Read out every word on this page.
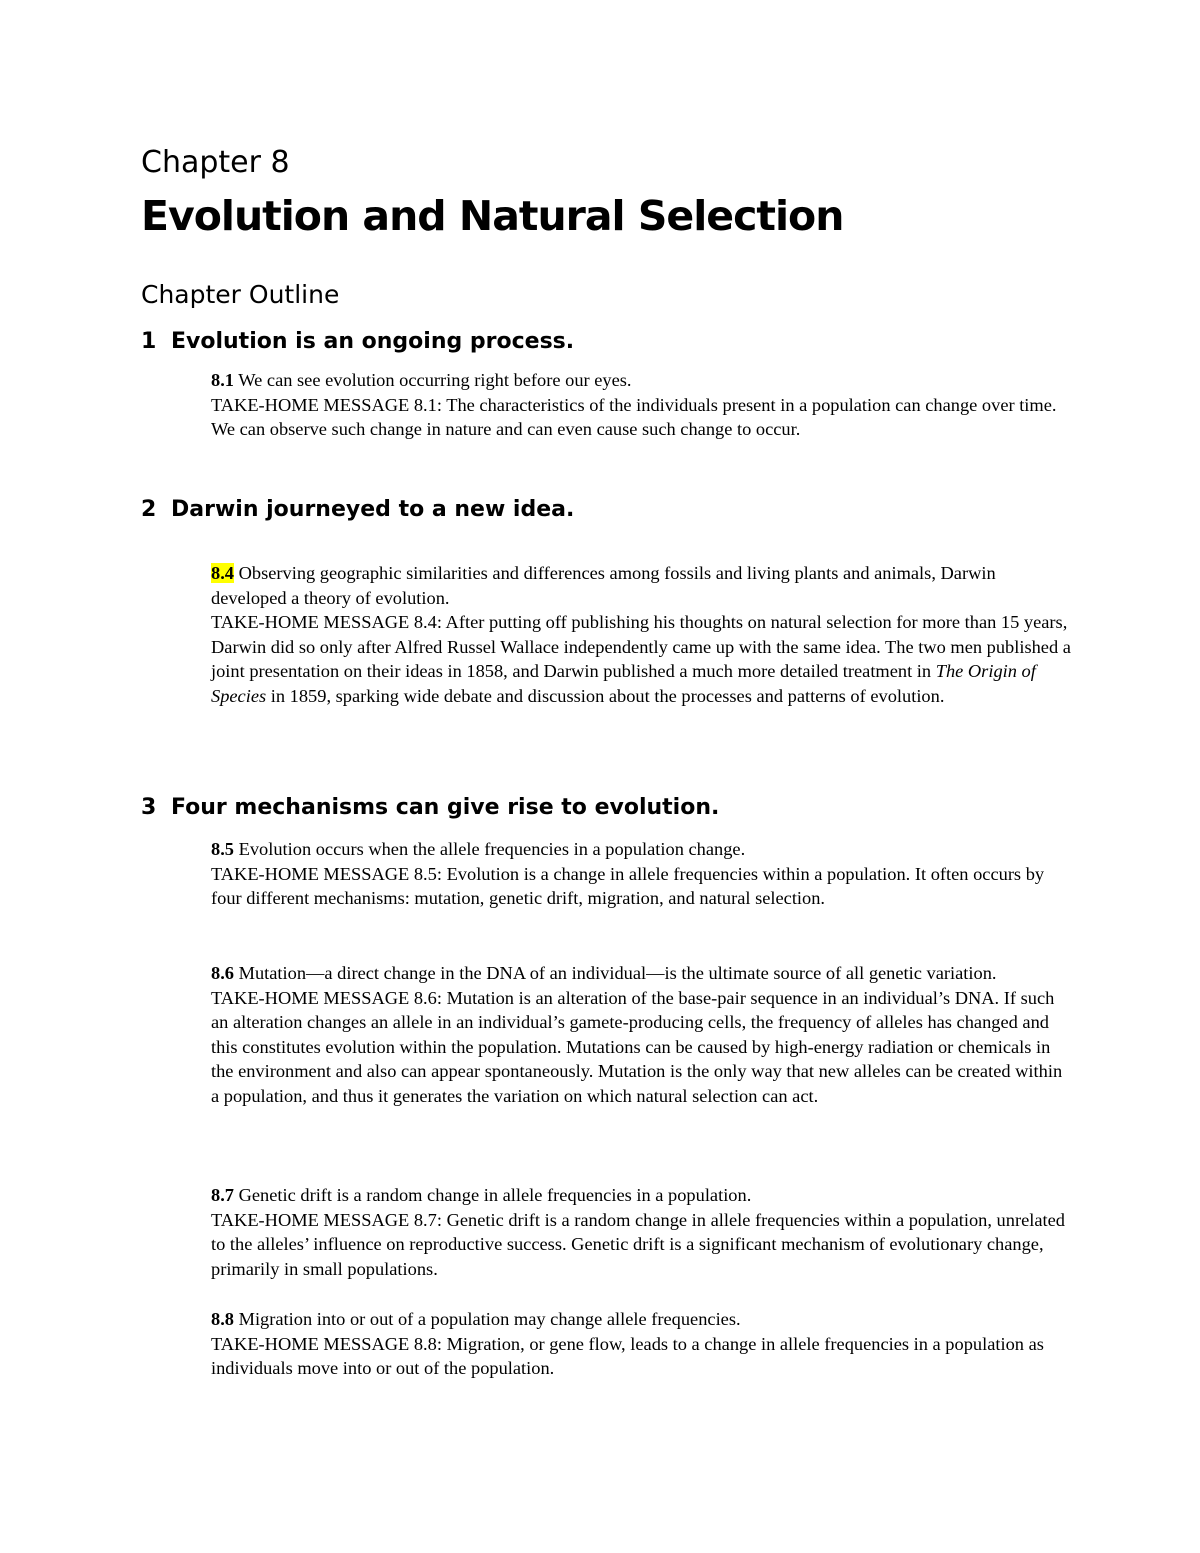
Chapter 8
Evolution and Natural Selection
Chapter Outline
1 Evolution is an ongoing process.

8.1 We can see evolution occurring right before our eyes.

TAKE-HOME MESSAGE 8.1: The characteristics of the individuals present in a population can change over time. We can observe such change in nature and can even cause such change to occur.

2 Darwin journeyed to a new idea.

8.4 Observing geographic similarities and differences among fossils and living plants and animals, Darwin developed a theory of evolution.

TAKE-HOME MESSAGE 8.4: After putting off publishing his thoughts on natural selection for more than 15 years, Darwin did so only after Alfred Russel Wallace independently came up with the same idea. The two men published a joint presentation on their ideas in 1858, and Darwin published a much more detailed treatment in The Origin of Species in 1859, sparking wide debate and discussion about the processes and patterns of evolution.

3 Four mechanisms can give rise to evolution.

8.5 Evolution occurs when the allele frequencies in a population change.

TAKE-HOME MESSAGE 8.5: Evolution is a change in allele frequencies within a population. It often occurs by four different mechanisms: mutation, genetic drift, migration, and natural selection.

8.6 Mutation—a direct change in the DNA of an individual—is the ultimate source of all genetic variation.

TAKE-HOME MESSAGE 8.6: Mutation is an alteration of the base-pair sequence in an individual’s DNA. If such an alteration changes an allele in an individual’s gamete-producing cells, the frequency of alleles has changed and this constitutes evolution within the population. Mutations can be caused by high-energy radiation or chemicals in the environment and also can appear spontaneously. Mutation is the only way that new alleles can be created within a population, and thus it generates the variation on which natural selection can act.

8.7 Genetic drift is a random change in allele frequencies in a population.

TAKE-HOME MESSAGE 8.7: Genetic drift is a random change in allele frequencies within a population, unrelated to the alleles’ influence on reproductive success. Genetic drift is a significant mechanism of evolutionary change, primarily in small populations.

8.8 Migration into or out of a population may change allele frequencies.

TAKE-HOME MESSAGE 8.8: Migration, or gene flow, leads to a change in allele frequencies in a population as individuals move into or out of the population.
